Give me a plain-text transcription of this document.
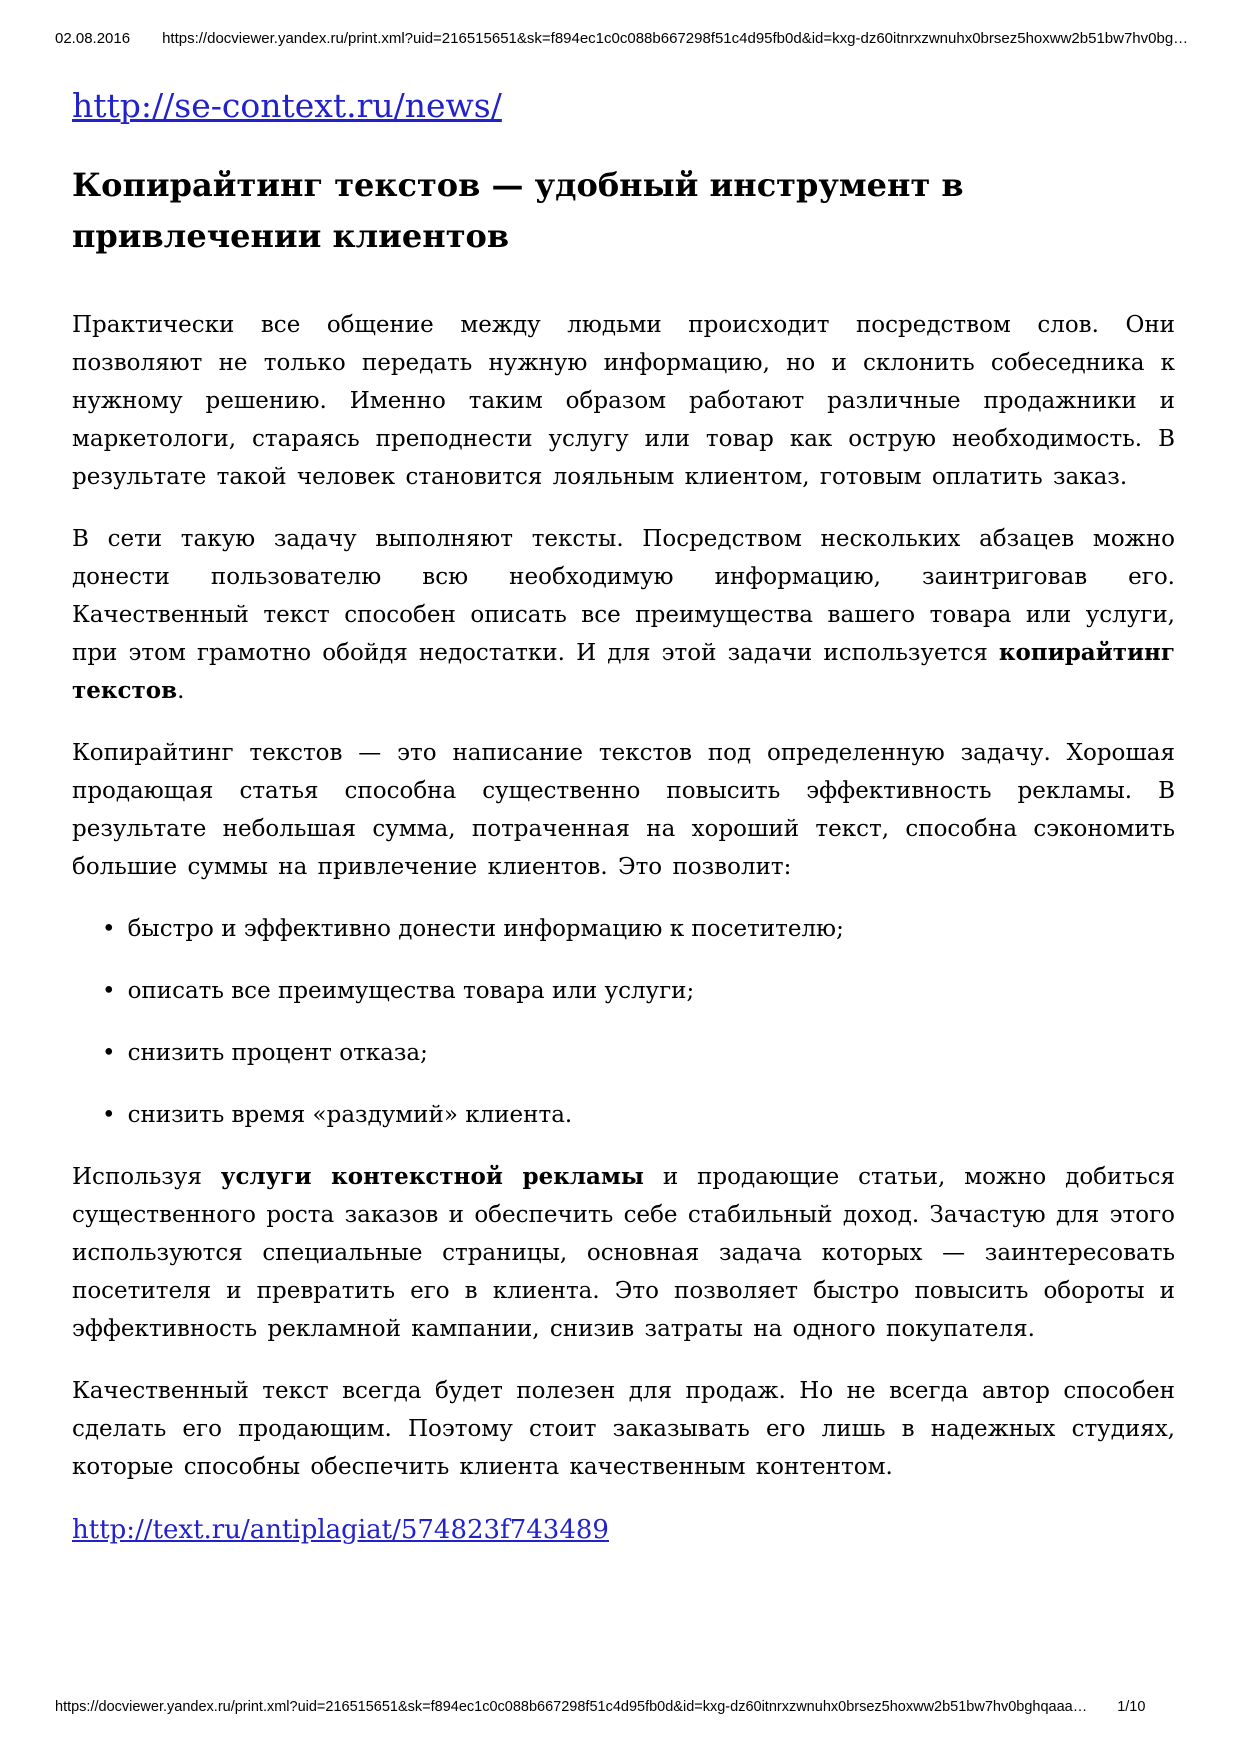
02.08.2016 https://docviewer.yandex.ru/print.xml?uid=216515651&sk=f894ec1c0c088b667298f51c4d95fb0d&id=kxg-dz60itnrxzwnuhx0brsez5hoxww2b51bw7hv0bg…
http://se-context.ru/news/
Копирайтинг текстов — удобный инструмент в привлечении клиентов

Практически все общение между людьми происходит посредством слов. Они позволяют не только передать нужную информацию, но и склонить собеседника к нужному решению. Именно таким образом работают различные продажники и маркетологи, стараясь преподнести услугу или товар как острую необходимость. В результате такой человек становится лояльным клиентом, готовым оплатить заказ.

В сети такую задачу выполняют тексты. Посредством нескольких абзацев можно донести пользователю всю необходимую информацию, заинтриговав его. Качественный текст способен описать все преимущества вашего товара или услуги, при этом грамотно обойдя недостатки. И для этой задачи используется копирайтинг текстов.

Копирайтинг текстов — это написание текстов под определенную задачу. Хорошая продающая статья способна существенно повысить эффективность рекламы. В результате небольшая сумма, потраченная на хороший текст, способна сэкономить большие суммы на привлечение клиентов. Это позволит:

• быстро и эффективно донести информацию к посетителю;
• описать все преимущества товара или услуги;
• снизить процент отказа;
• снизить время «раздумий» клиента.

Используя услуги контекстной рекламы и продающие статьи, можно добиться существенного роста заказов и обеспечить себе стабильный доход. Зачастую для этого используются специальные страницы, основная задача которых — заинтересовать посетителя и превратить его в клиента. Это позволяет быстро повысить обороты и эффективность рекламной кампании, снизив затраты на одного покупателя.

Качественный текст всегда будет полезен для продаж. Но не всегда автор способен сделать его продающим. Поэтому стоит заказывать его лишь в надежных студиях, которые способны обеспечить клиента качественным контентом.

http://text.ru/antiplagiat/574823f743489
https://docviewer.yandex.ru/print.xml?uid=216515651&sk=f894ec1c0c088b667298f51c4d95fb0d&id=kxg-dz60itnrxzwnuhx0brsez5hoxww2b51bw7hv0bghqaaa… 1/10
